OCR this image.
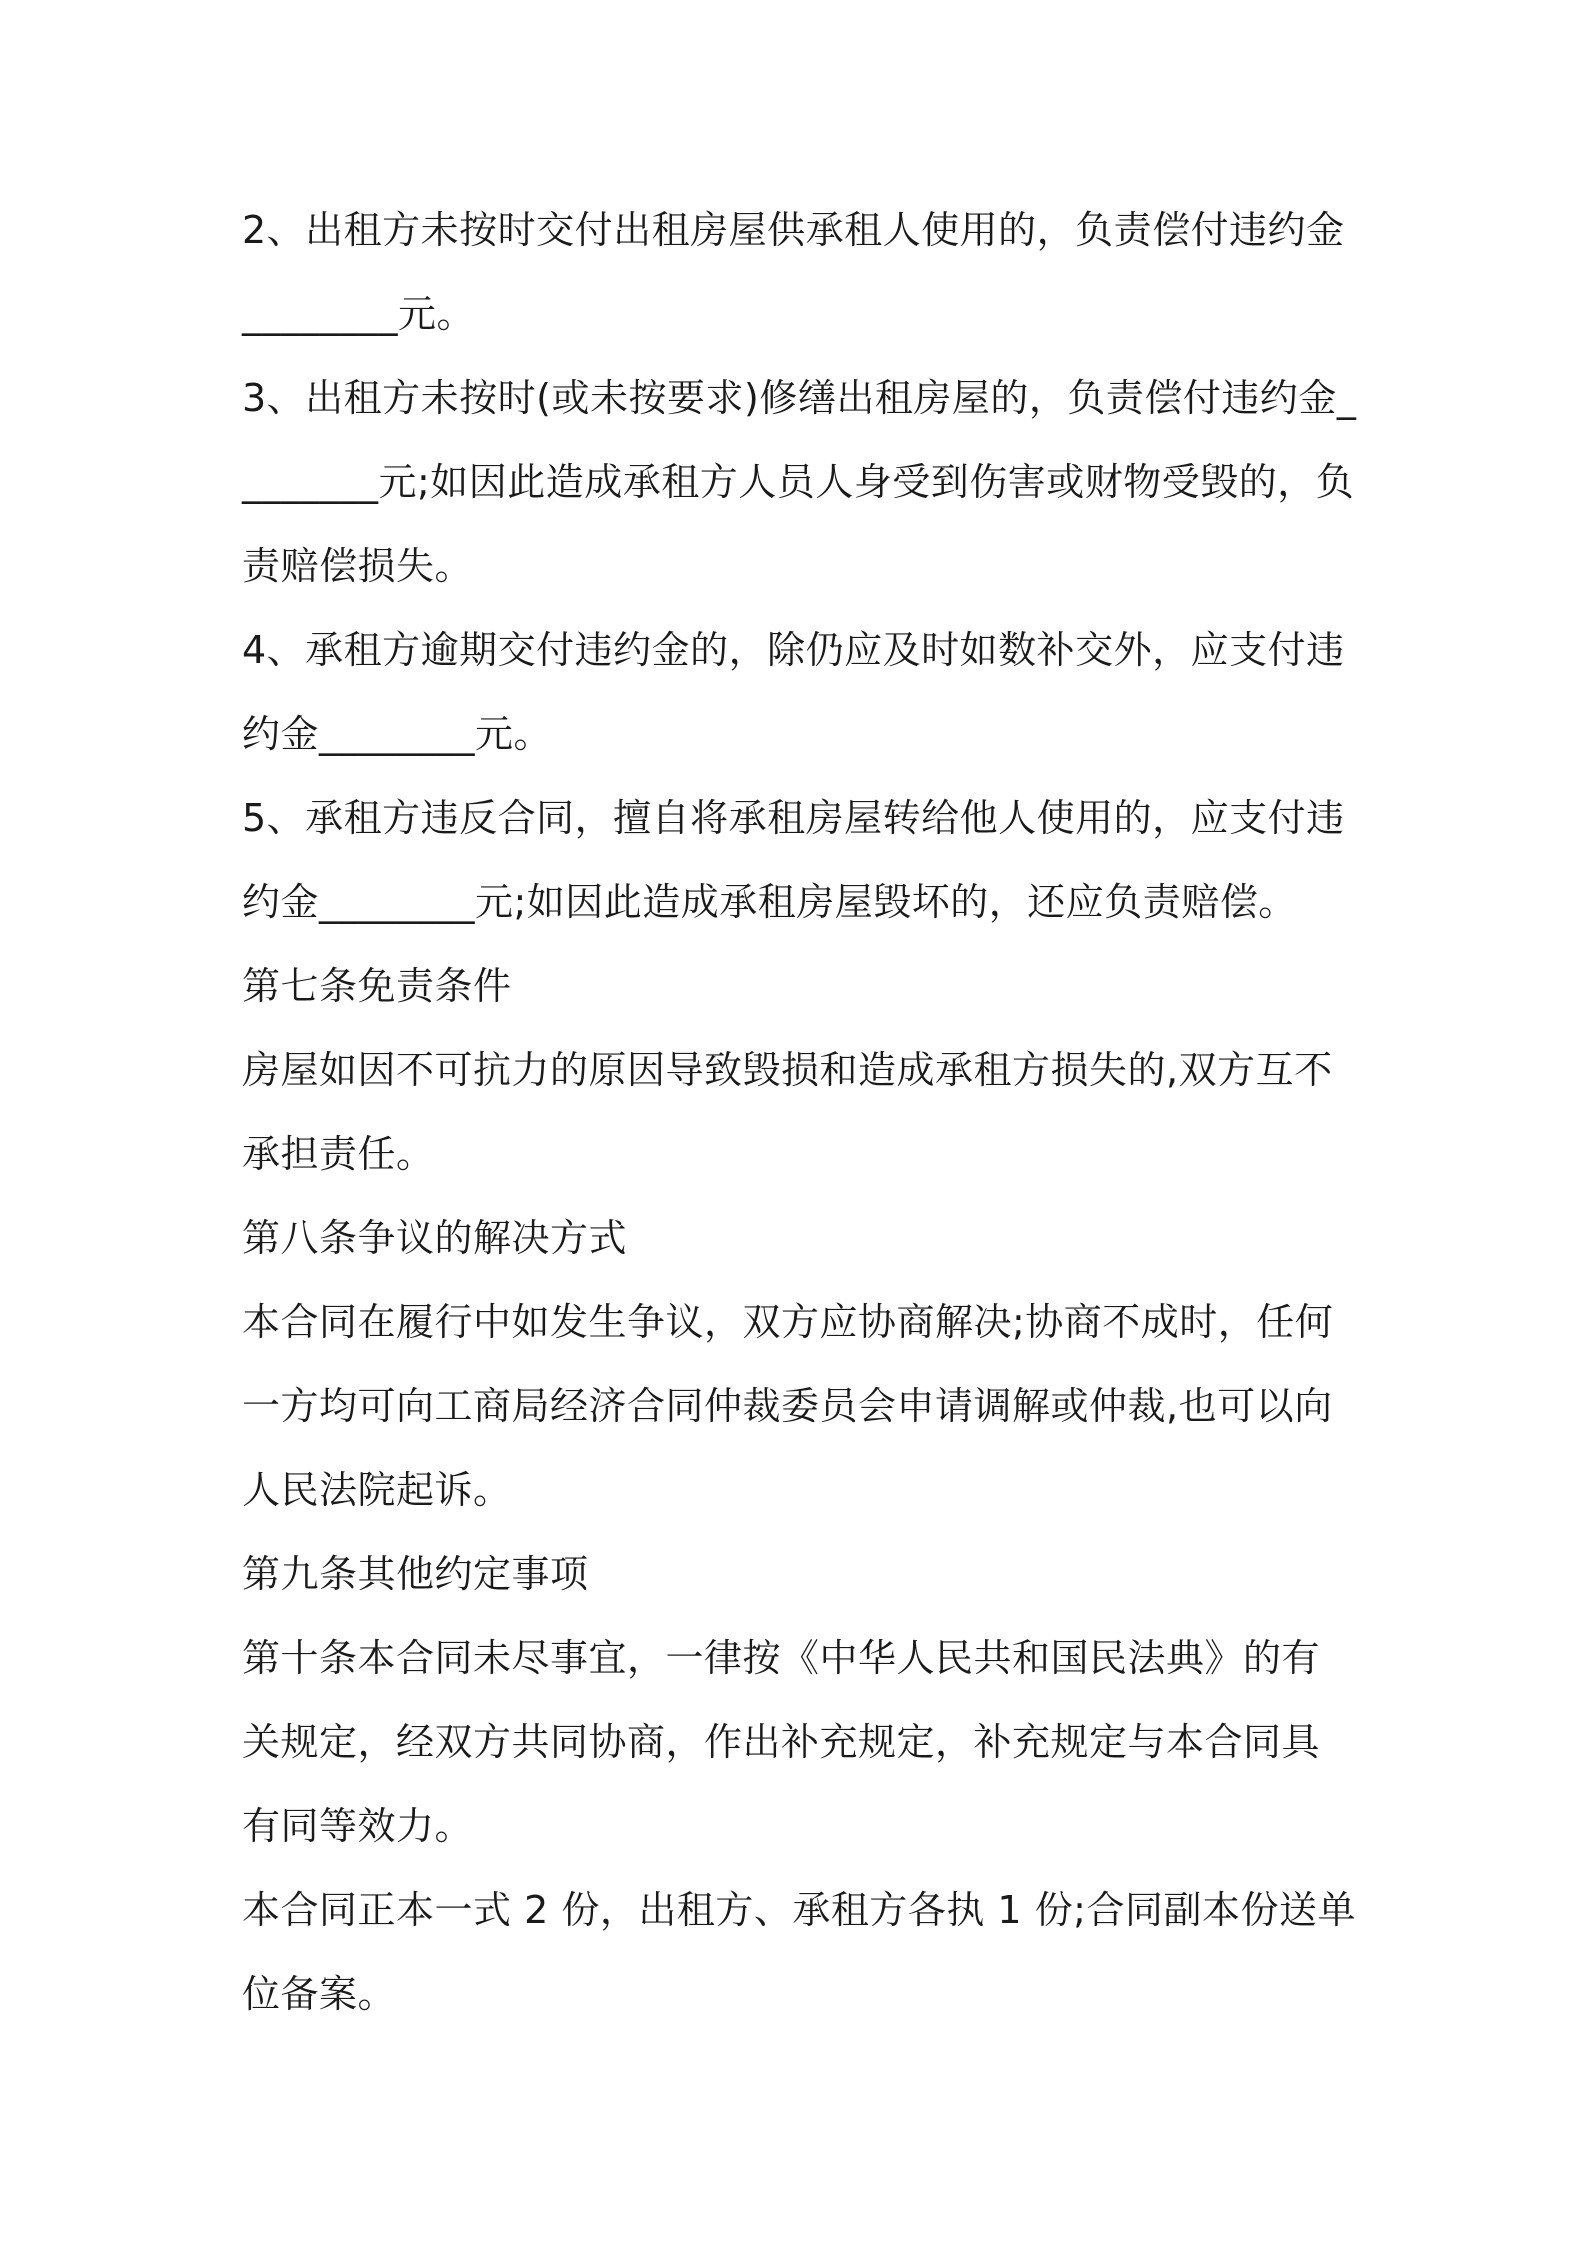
2、出租方未按时交付出租房屋供承租人使用的，负责偿付违约金________元。

3、出租方未按时(或未按要求)修缮出租房屋的，负责偿付违约金________元;如因此造成承租方人员人身受到伤害或财物受毁的，负责赔偿损失。

4、承租方逾期交付违约金的，除仍应及时如数补交外，应支付违约金________元。

5、承租方违反合同，擅自将承租房屋转给他人使用的，应支付违约金________元;如因此造成承租房屋毁坏的，还应负责赔偿。

第七条免责条件

房屋如因不可抗力的原因导致毁损和造成承租方损失的,双方互不承担责任。

第八条争议的解决方式

本合同在履行中如发生争议，双方应协商解决;协商不成时，任何一方均可向工商局经济合同仲裁委员会申请调解或仲裁,也可以向人民法院起诉。

第九条其他约定事项

第十条本合同未尽事宜，一律按《中华人民共和国民法典》的有关规定，经双方共同协商，作出补充规定，补充规定与本合同具有同等效力。

本合同正本一式 2 份，出租方、承租方各执 1 份;合同副本份送单位备案。
